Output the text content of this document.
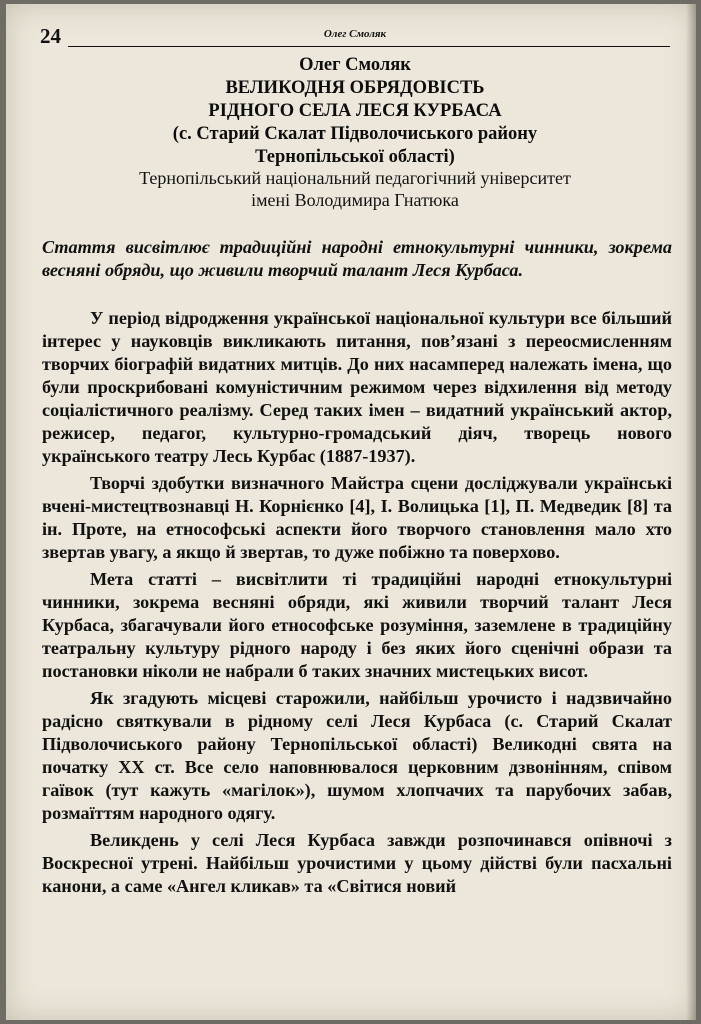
24	Олег Смоляк
Олег Смоляк
ВЕЛИКОДНЯ ОБРЯДОВІСТЬ
РІДНОГО СЕЛА ЛЕСЯ КУРБАСА
(с. Старий Скалат Підволочиського району
Тернопільської області)
Тернопільський національний педагогічний університет
імені Володимира Гнатюка
Стаття висвітлює традиційні народні етнокультурні чинники, зокрема весняні обряди, що живили творчий талант Леся Курбаса.

У період відродження української національної культури все більший інтерес у науковців викликають питання, пов’язані з переосмисленням творчих біографій видатних митців. До них насамперед належать імена, що були проскрибовані комуністичним режимом через відхилення від методу соціалістичного реалізму. Серед таких імен – видатний український актор, режисер, педагог, культурно-громадський діяч, творець нового українського театру Лесь Курбас (1887-1937).

Творчі здобутки визначного Майстра сцени досліджували українські вчені-мистецтвознавці Н. Корнієнко [4], І. Волицька [1], П. Медведик [8] та ін. Проте, на етнософські аспекти його творчого становлення мало хто звертав увагу, а якщо й звертав, то дуже побіжно та поверхово.

Мета статті – висвітлити ті традиційні народні етнокультурні чинники, зокрема весняні обряди, які живили творчий талант Леся Курбаса, збагачували його етнософське розуміння, заземлене в традиційну театральну культуру рідного народу і без яких його сценічні образи та постановки ніколи не набрали б таких значних мистецьких висот.

Як згадують місцеві старожили, найбільш урочисто і надзвичайно радісно святкували в рідному селі Леся Курбаса (с. Старий Скалат Підволочиського району Тернопільської області) Великодні свята на початку ХХ ст. Все село наповнювалося церковним дзвонінням, співом гаївок (тут кажуть «магілок»), шумом хлопчачих та парубочих забав, розмаїттям народного одягу.

Великдень у селі Леся Курбаса завжди розпочинався опівночі з Воскресної утрені. Найбільш урочистими у цьому дійстві були пасхальні канони, а саме «Ангел кликав» та «Світися новий
